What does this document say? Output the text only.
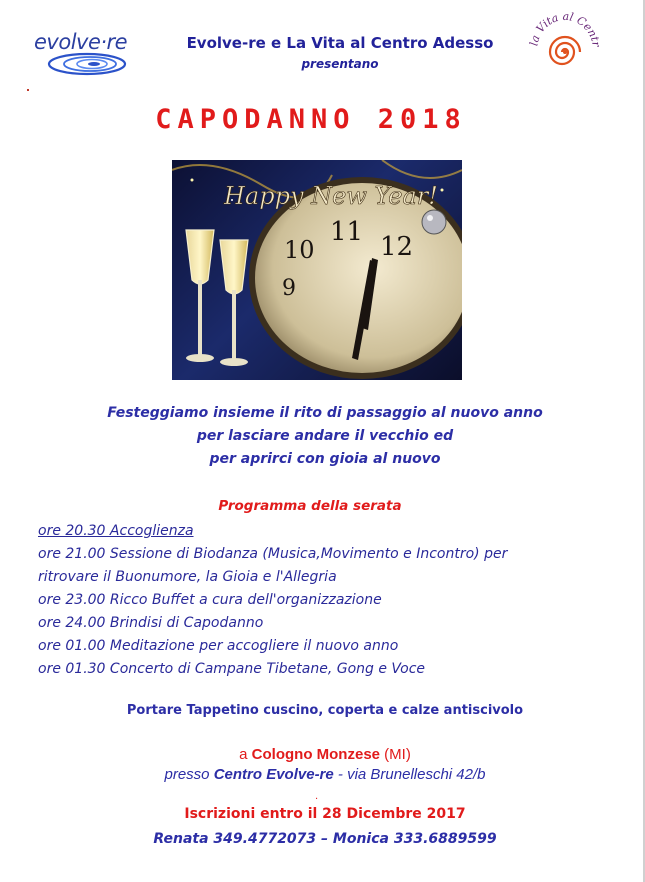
evolve·re	Evolve-re e La Vita al Centro Adesso
presentano
la Vita al Centr
CAPODANNO 2018
9
10
11 12
Happy New Year!
Festeggiamo insieme il rito di passaggio al nuovo anno
per lasciare andare il vecchio ed
per aprirci con gioia al nuovo
Programma della serata
ore 20.30 Accoglienza
ore 21.00 Sessione di Biodanza (Musica,Movimento e Incontro) per
ritrovare il Buonumore, la Gioia e l'Allegria
ore 23.00 Ricco Buffet a cura dell'organizzazione
ore 24.00 Brindisi di Capodanno
ore 01.00 Meditazione per accogliere il nuovo anno
ore 01.30 Concerto di Campane Tibetane, Gong e Voce
Portare Tappetino cuscino, coperta e calze antiscivolo
a Cologno Monzese (MI)
presso Centro Evolve-re - via Brunelleschi 42/b
.
Iscrizioni entro il 28 Dicembre 2017
Renata 349.4772073 – Monica 333.6889599
